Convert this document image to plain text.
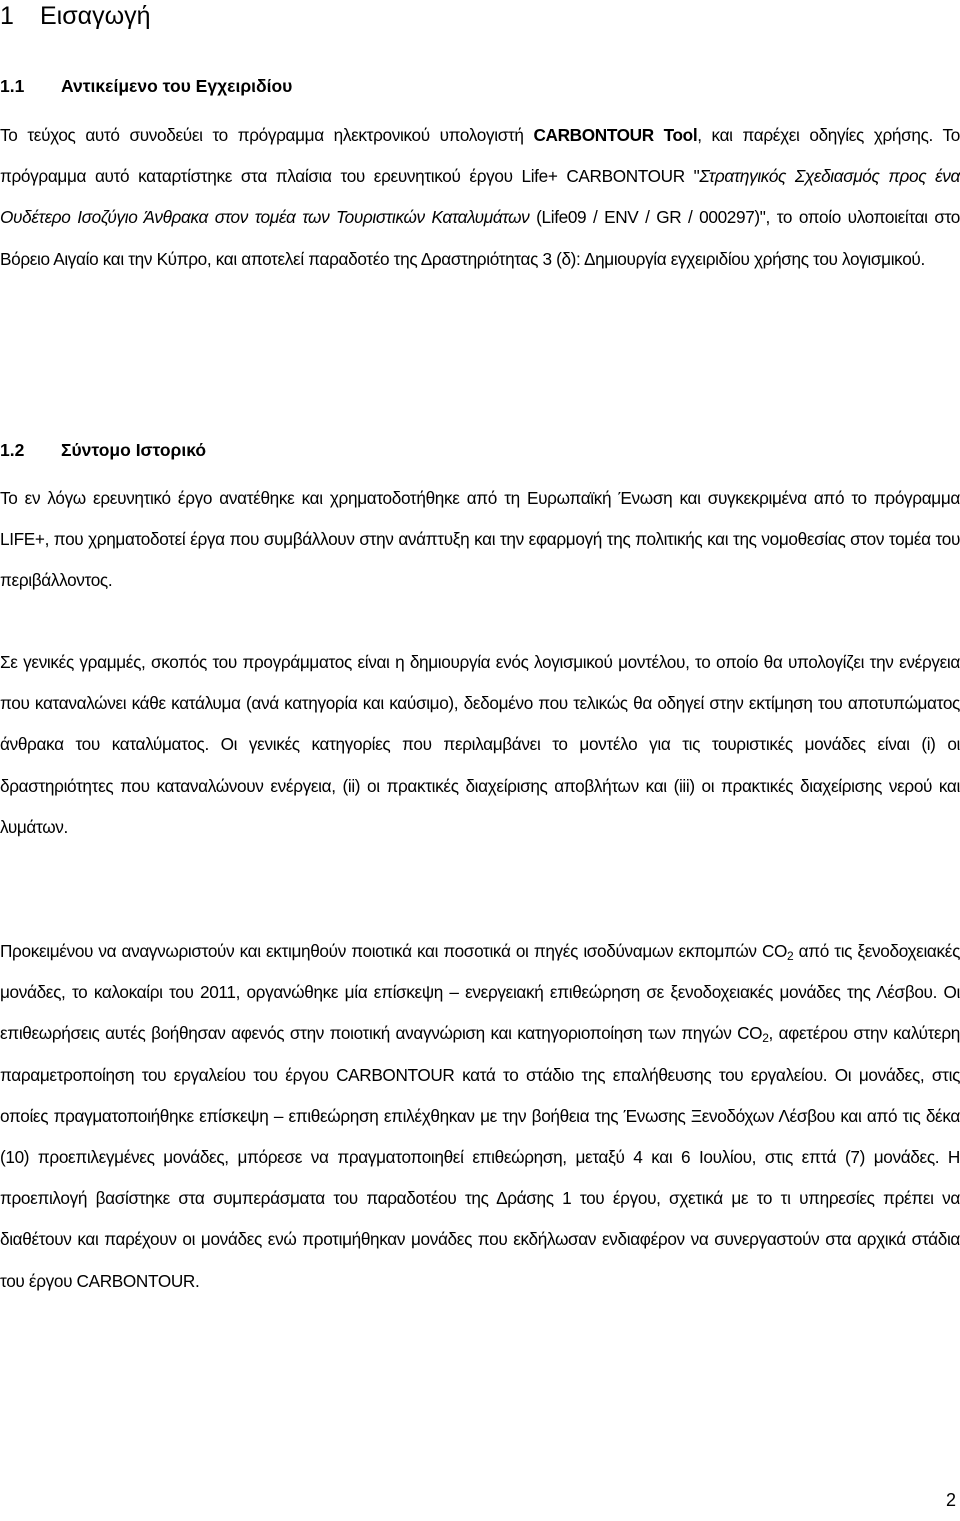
1 Εισαγωγή
1.1 Αντικείμενο του Εγχειριδίου

Το τεύχος αυτό συνοδεύει το πρόγραμμα ηλεκτρονικού υπολογιστή CARBONTOUR Tool, και παρέχει οδηγίες χρήσης. Το πρόγραμμα αυτό καταρτίστηκε στα πλαίσια του ερευνητικού έργου Life+ CARBONTOUR "Στρατηγικός Σχεδιασμός προς ένα Ουδέτερο Ισοζύγιο Άνθρακα στον τομέα των Τουριστικών Καταλυμάτων (Life09 / ENV / GR / 000297)", το οποίο υλοποιείται στο Βόρειο Αιγαίο και την Κύπρο, και αποτελεί παραδοτέο της Δραστηριότητας 3 (δ): Δημιουργία εγχειριδίου χρήσης του λογισμικού.

1.2 Σύντομο Ιστορικό

Το εν λόγω ερευνητικό έργο ανατέθηκε και χρηματοδοτήθηκε από τη Ευρωπαϊκή Ένωση και συγκεκριμένα από το πρόγραμμα LIFE+, που χρηματοδοτεί έργα που συμβάλλουν στην ανάπτυξη και την εφαρμογή της πολιτικής και της νομοθεσίας στον τομέα του περιβάλλοντος.

Σε γενικές γραμμές, σκοπός του προγράμματος είναι η δημιουργία ενός λογισμικού μοντέλου, το οποίο θα υπολογίζει την ενέργεια που καταναλώνει κάθε κατάλυμα (ανά κατηγορία και καύσιμο), δεδομένο που τελικώς θα οδηγεί στην εκτίμηση του αποτυπώματος άνθρακα του καταλύματος. Οι γενικές κατηγορίες που περιλαμβάνει το μοντέλο για τις τουριστικές μονάδες είναι (i) οι δραστηριότητες που καταναλώνουν ενέργεια, (ii) οι πρακτικές διαχείρισης αποβλήτων και (iii) οι πρακτικές διαχείρισης νερού και λυμάτων.

Προκειμένου να αναγνωριστούν και εκτιμηθούν ποιοτικά και ποσοτικά οι πηγές ισοδύναμων εκπομπών $CO_2$ από τις ξενοδοχειακές μονάδες, το καλοκαίρι του 2011, οργανώθηκε μία επίσκεψη – ενεργειακή επιθεώρηση σε ξενοδοχειακές μονάδες της Λέσβου. Οι επιθεωρήσεις αυτές βοήθησαν αφενός στην ποιοτική αναγνώριση και κατηγοριοποίηση των πηγών $CO_2$, αφετέρου στην καλύτερη παραμετροποίηση του εργαλείου του έργου CARBONTOUR κατά το στάδιο της επαλήθευσης του εργαλείου. Οι μονάδες, στις οποίες πραγματοποιήθηκε επίσκεψη – επιθεώρηση επιλέχθηκαν με την βοήθεια της Ένωσης Ξενοδόχων Λέσβου και από τις δέκα (10) προεπιλεγμένες μονάδες, μπόρεσε να πραγματοποιηθεί επιθεώρηση, μεταξύ 4 και 6 Ιουλίου, στις επτά (7) μονάδες. Η προεπιλογή βασίστηκε στα συμπεράσματα του παραδοτέου της Δράσης 1 του έργου, σχετικά με το τι υπηρεσίες πρέπει να διαθέτουν και παρέχουν οι μονάδες ενώ προτιμήθηκαν μονάδες που εκδήλωσαν ενδιαφέρον να συνεργαστούν στα αρχικά στάδια του έργου CARBONTOUR.

2
